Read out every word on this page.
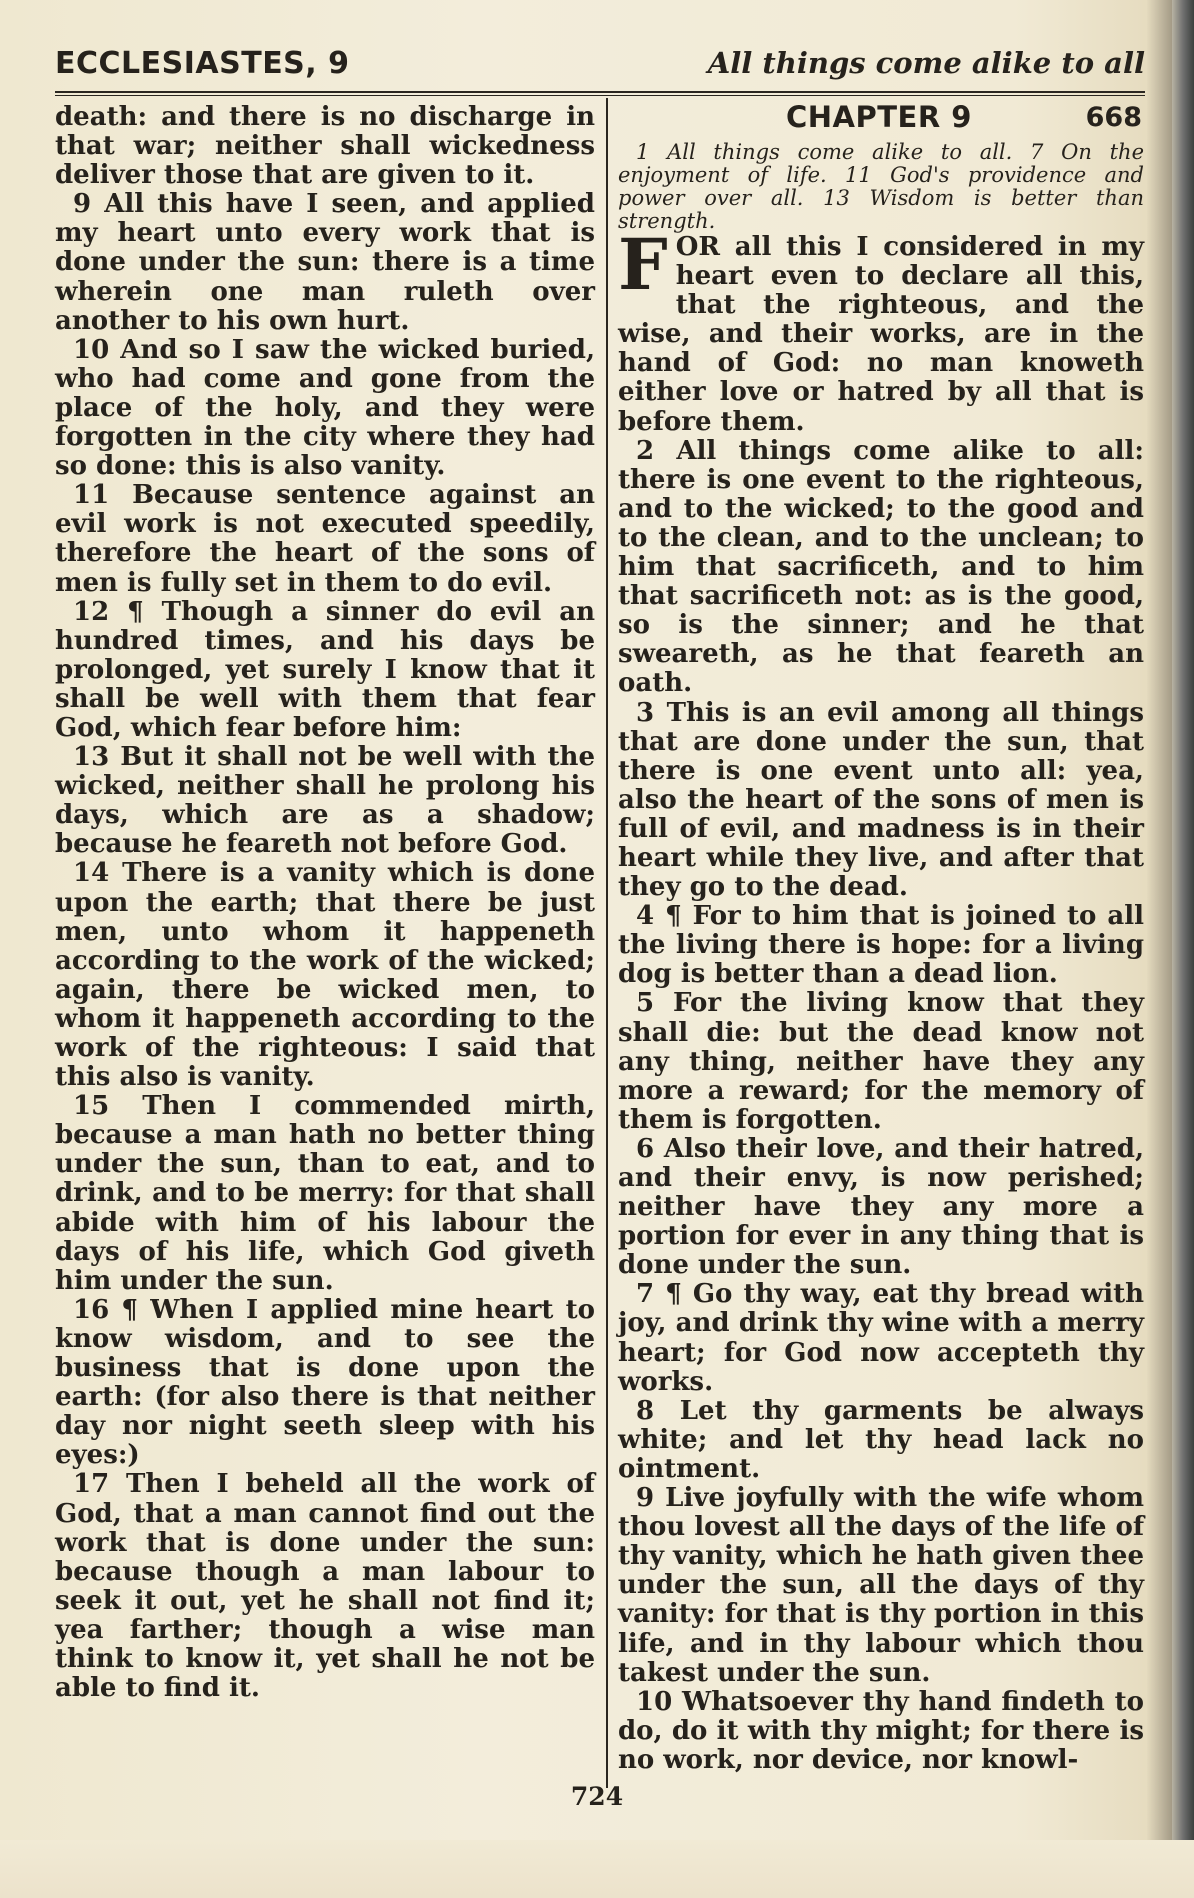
ECCLESIASTES, 9	All things come alike to all

death: and there is no discharge in that war; neither shall wickedness deliver those that are given to it.

9 All this have I seen, and applied my heart unto every work that is done under the sun: there is a time wherein one man ruleth over another to his own hurt.

10 And so I saw the wicked buried, who had come and gone from the place of the holy, and they were forgotten in the city where they had so done: this is also vanity.

11 Because sentence against an evil work is not executed speedily, therefore the heart of the sons of men is fully set in them to do evil.

12 ¶ Though a sinner do evil an hundred times, and his days be prolonged, yet surely I know that it shall be well with them that fear God, which fear before him:

13 But it shall not be well with the wicked, neither shall he prolong his days, which are as a shadow; because he feareth not before God.

14 There is a vanity which is done upon the earth; that there be just men, unto whom it happeneth according to the work of the wicked; again, there be wicked men, to whom it happeneth according to the work of the righteous: I said that this also is vanity.

15 Then I commended mirth, because a man hath no better thing under the sun, than to eat, and to drink, and to be merry: for that shall abide with him of his labour the days of his life, which God giveth him under the sun.

16 ¶ When I applied mine heart to know wisdom, and to see the business that is done upon the earth: (for also there is that neither day nor night seeth sleep with his eyes:)

17 Then I beheld all the work of God, that a man cannot find out the work that is done under the sun: because though a man labour to seek it out, yet he shall not find it; yea farther; though a wise man think to know it, yet shall he not be able to find it.

CHAPTER 9	668

1 All things come alike to all. 7 On the enjoyment of life. 11 God's providence and power over all. 13 Wisdom is better than strength.

FOR all this I considered in my heart even to declare all this, that the righteous, and the wise, and their works, are in the hand of God: no man knoweth either love or hatred by all that is before them.

2 All things come alike to all: there is one event to the righteous, and to the wicked; to the good and to the clean, and to the unclean; to him that sacrificeth, and to him that sacrificeth not: as is the good, so is the sinner; and he that sweareth, as he that feareth an oath.

3 This is an evil among all things that are done under the sun, that there is one event unto all: yea, also the heart of the sons of men is full of evil, and madness is in their heart while they live, and after that they go to the dead.

4 ¶ For to him that is joined to all the living there is hope: for a living dog is better than a dead lion.

5 For the living know that they shall die: but the dead know not any thing, neither have they any more a reward; for the memory of them is forgotten.

6 Also their love, and their hatred, and their envy, is now perished; neither have they any more a portion for ever in any thing that is done under the sun.

7 ¶ Go thy way, eat thy bread with joy, and drink thy wine with a merry heart; for God now accepteth thy works.

8 Let thy garments be always white; and let thy head lack no ointment.

9 Live joyfully with the wife whom thou lovest all the days of the life of thy vanity, which he hath given thee under the sun, all the days of thy vanity: for that is thy portion in this life, and in thy labour which thou takest under the sun.

10 Whatsoever thy hand findeth to do, do it with thy might; for there is no work, nor device, nor knowl-

724
